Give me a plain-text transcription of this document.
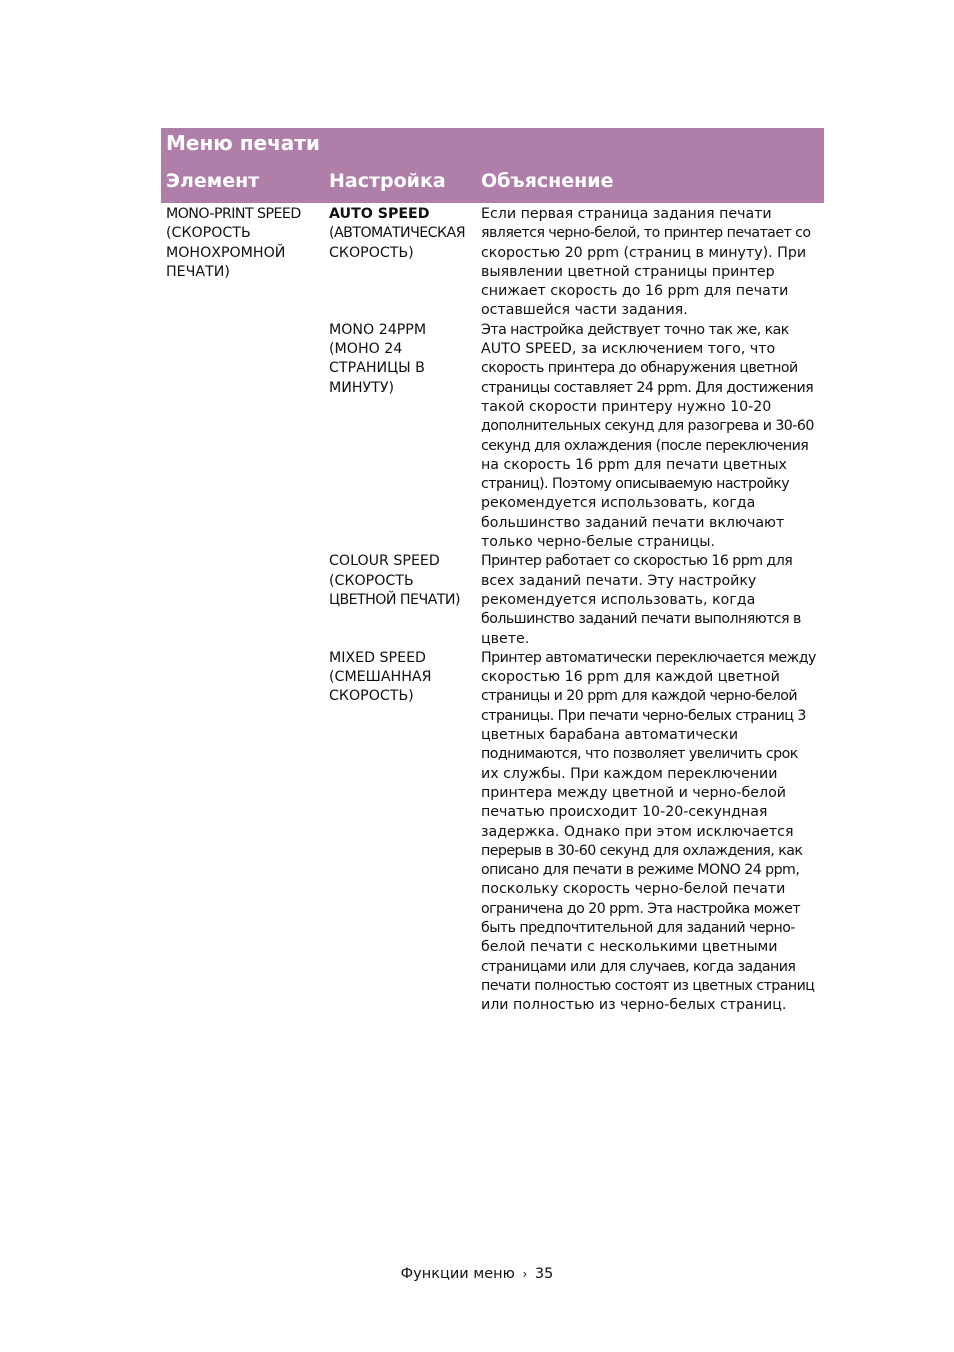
Меню печати
Элемент	Настройка Объяснение
MONO-PRINT SPEED
(СКОРОСТЬ
МОНОХРОМНОЙ
ПЕЧАТИ)
AUTO SPEED
(АВТОМАТИЧЕСКАЯ
СКОРОСТЬ)
Если первая страница задания печати
является черно-белой, то принтер печатает со
скоростью 20 ppm (страниц в минуту). При
выявлении цветной страницы принтер
снижает скорость до 16 ppm для печати
оставшейся части задания.
MONO 24PPM
(МОНО 24
СТРАНИЦЫ В
МИНУТУ)
Эта настройка действует точно так же, как
AUTO SPEED, за исключением того, что
скорость принтера до обнаружения цветной
страницы составляет 24 ppm. Для достижения
такой скорости принтеру нужно 10-20
дополнительных секунд для разогрева и 30-60
секунд для охлаждения (после переключения
на скорость 16 ppm для печати цветных
страниц). Поэтому описываемую настройку
рекомендуется использовать, когда
большинство заданий печати включают
только черно-белые страницы.
COLOUR SPEED
(СКОРОСТЬ
ЦВЕТНОЙ ПЕЧАТИ)
Принтер работает со скоростью 16 ppm для
всех заданий печати. Эту настройку
рекомендуется использовать, когда
большинство заданий печати выполняются в
цвете.
MIXED SPEED
(СМЕШАННАЯ
СКОРОСТЬ)
Принтер автоматически переключается между
скоростью 16 ppm для каждой цветной
страницы и 20 ppm для каждой черно-белой
страницы. При печати черно-белых страниц 3
цветных барабана автоматически
поднимаются, что позволяет увеличить срок
их службы. При каждом переключении
принтера между цветной и черно-белой
печатью происходит 10-20-секундная
задержка. Однако при этом исключается
перерыв в 30-60 секунд для охлаждения, как
описано для печати в режиме MONO 24 ppm,
поскольку скорость черно-белой печати
ограничена до 20 ppm. Эта настройка может
быть предпочтительной для заданий черно-
белой печати с несколькими цветными
страницами или для случаев, когда задания
печати полностью состоят из цветных страниц
или полностью из черно-белых страниц.
Функции меню › 35
